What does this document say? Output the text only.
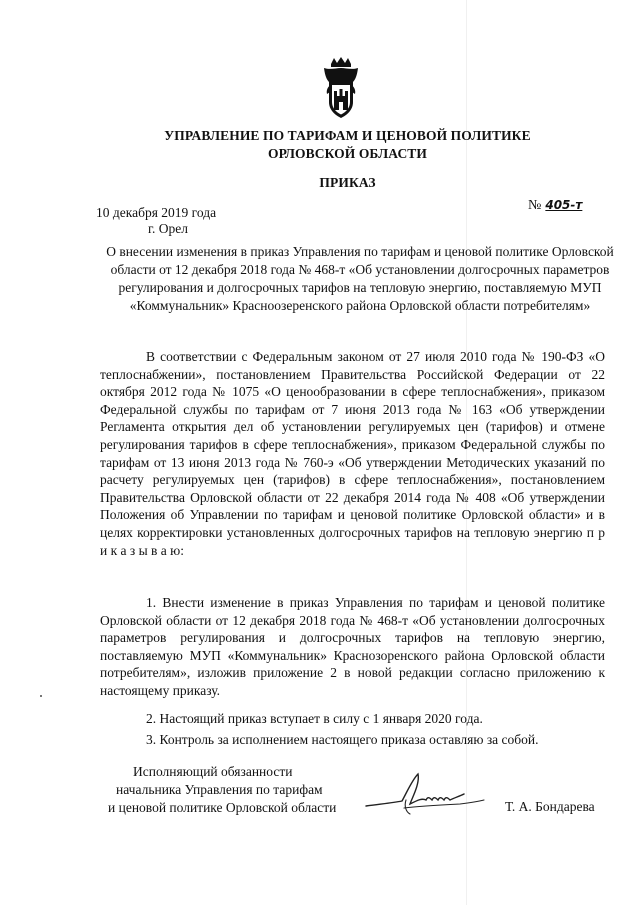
УПРАВЛЕНИЕ ПО ТАРИФАМ И ЦЕНОВОЙ ПОЛИТИКЕ
ОРЛОВСКОЙ ОБЛАСТИ
ПРИКАЗ
10 декабря 2019 года
г. Орел
№ 405-т
О внесении изменения в приказ Управления по тарифам и ценовой политике Орловской области от 12 декабря 2018 года № 468-т «Об установлении долгосрочных параметров регулирования и долгосрочных тарифов на тепловую энергию, поставляемую МУП «Коммунальник» Красноозеренского района Орловской области потребителям»
В соответствии с Федеральным законом от 27 июля 2010 года № 190-ФЗ «О теплоснабжении», постановлением Правительства Российской Федерации от 22 октября 2012 года № 1075 «О ценообразовании в сфере теплоснабжения», приказом Федеральной службы по тарифам от 7 июня 2013 года № 163 «Об утверждении Регламента открытия дел об установлении регулируемых цен (тарифов) и отмене регулирования тарифов в сфере теплоснабжения», приказом Федеральной службы по тарифам от 13 июня 2013 года № 760-э «Об утверждении Методических указаний по расчету регулируемых цен (тарифов) в сфере теплоснабжения», постановлением Правительства Орловской области от 22 декабря 2014 года № 408 «Об утверждении Положения об Управлении по тарифам и ценовой политике Орловской области» и в целях корректировки установленных долгосрочных тарифов на тепловую энергию п р и к а з ы в а ю:
1. Внести изменение в приказ Управления по тарифам и ценовой политике Орловской области от 12 декабря 2018 года № 468-т «Об установлении долгосрочных параметров регулирования и долгосрочных тарифов на тепловую энергию, поставляемую МУП «Коммунальник» Краснозоренского района Орловской области потребителям», изложив приложение 2 в новой редакции согласно приложению к настоящему приказу.
2. Настоящий приказ вступает в силу с 1 января 2020 года.
3. Контроль за исполнением настоящего приказа оставляю за собой.
Исполняющий обязанности
начальника Управления по тарифам
и ценовой политике Орловской области	Т. А. Бондарева
